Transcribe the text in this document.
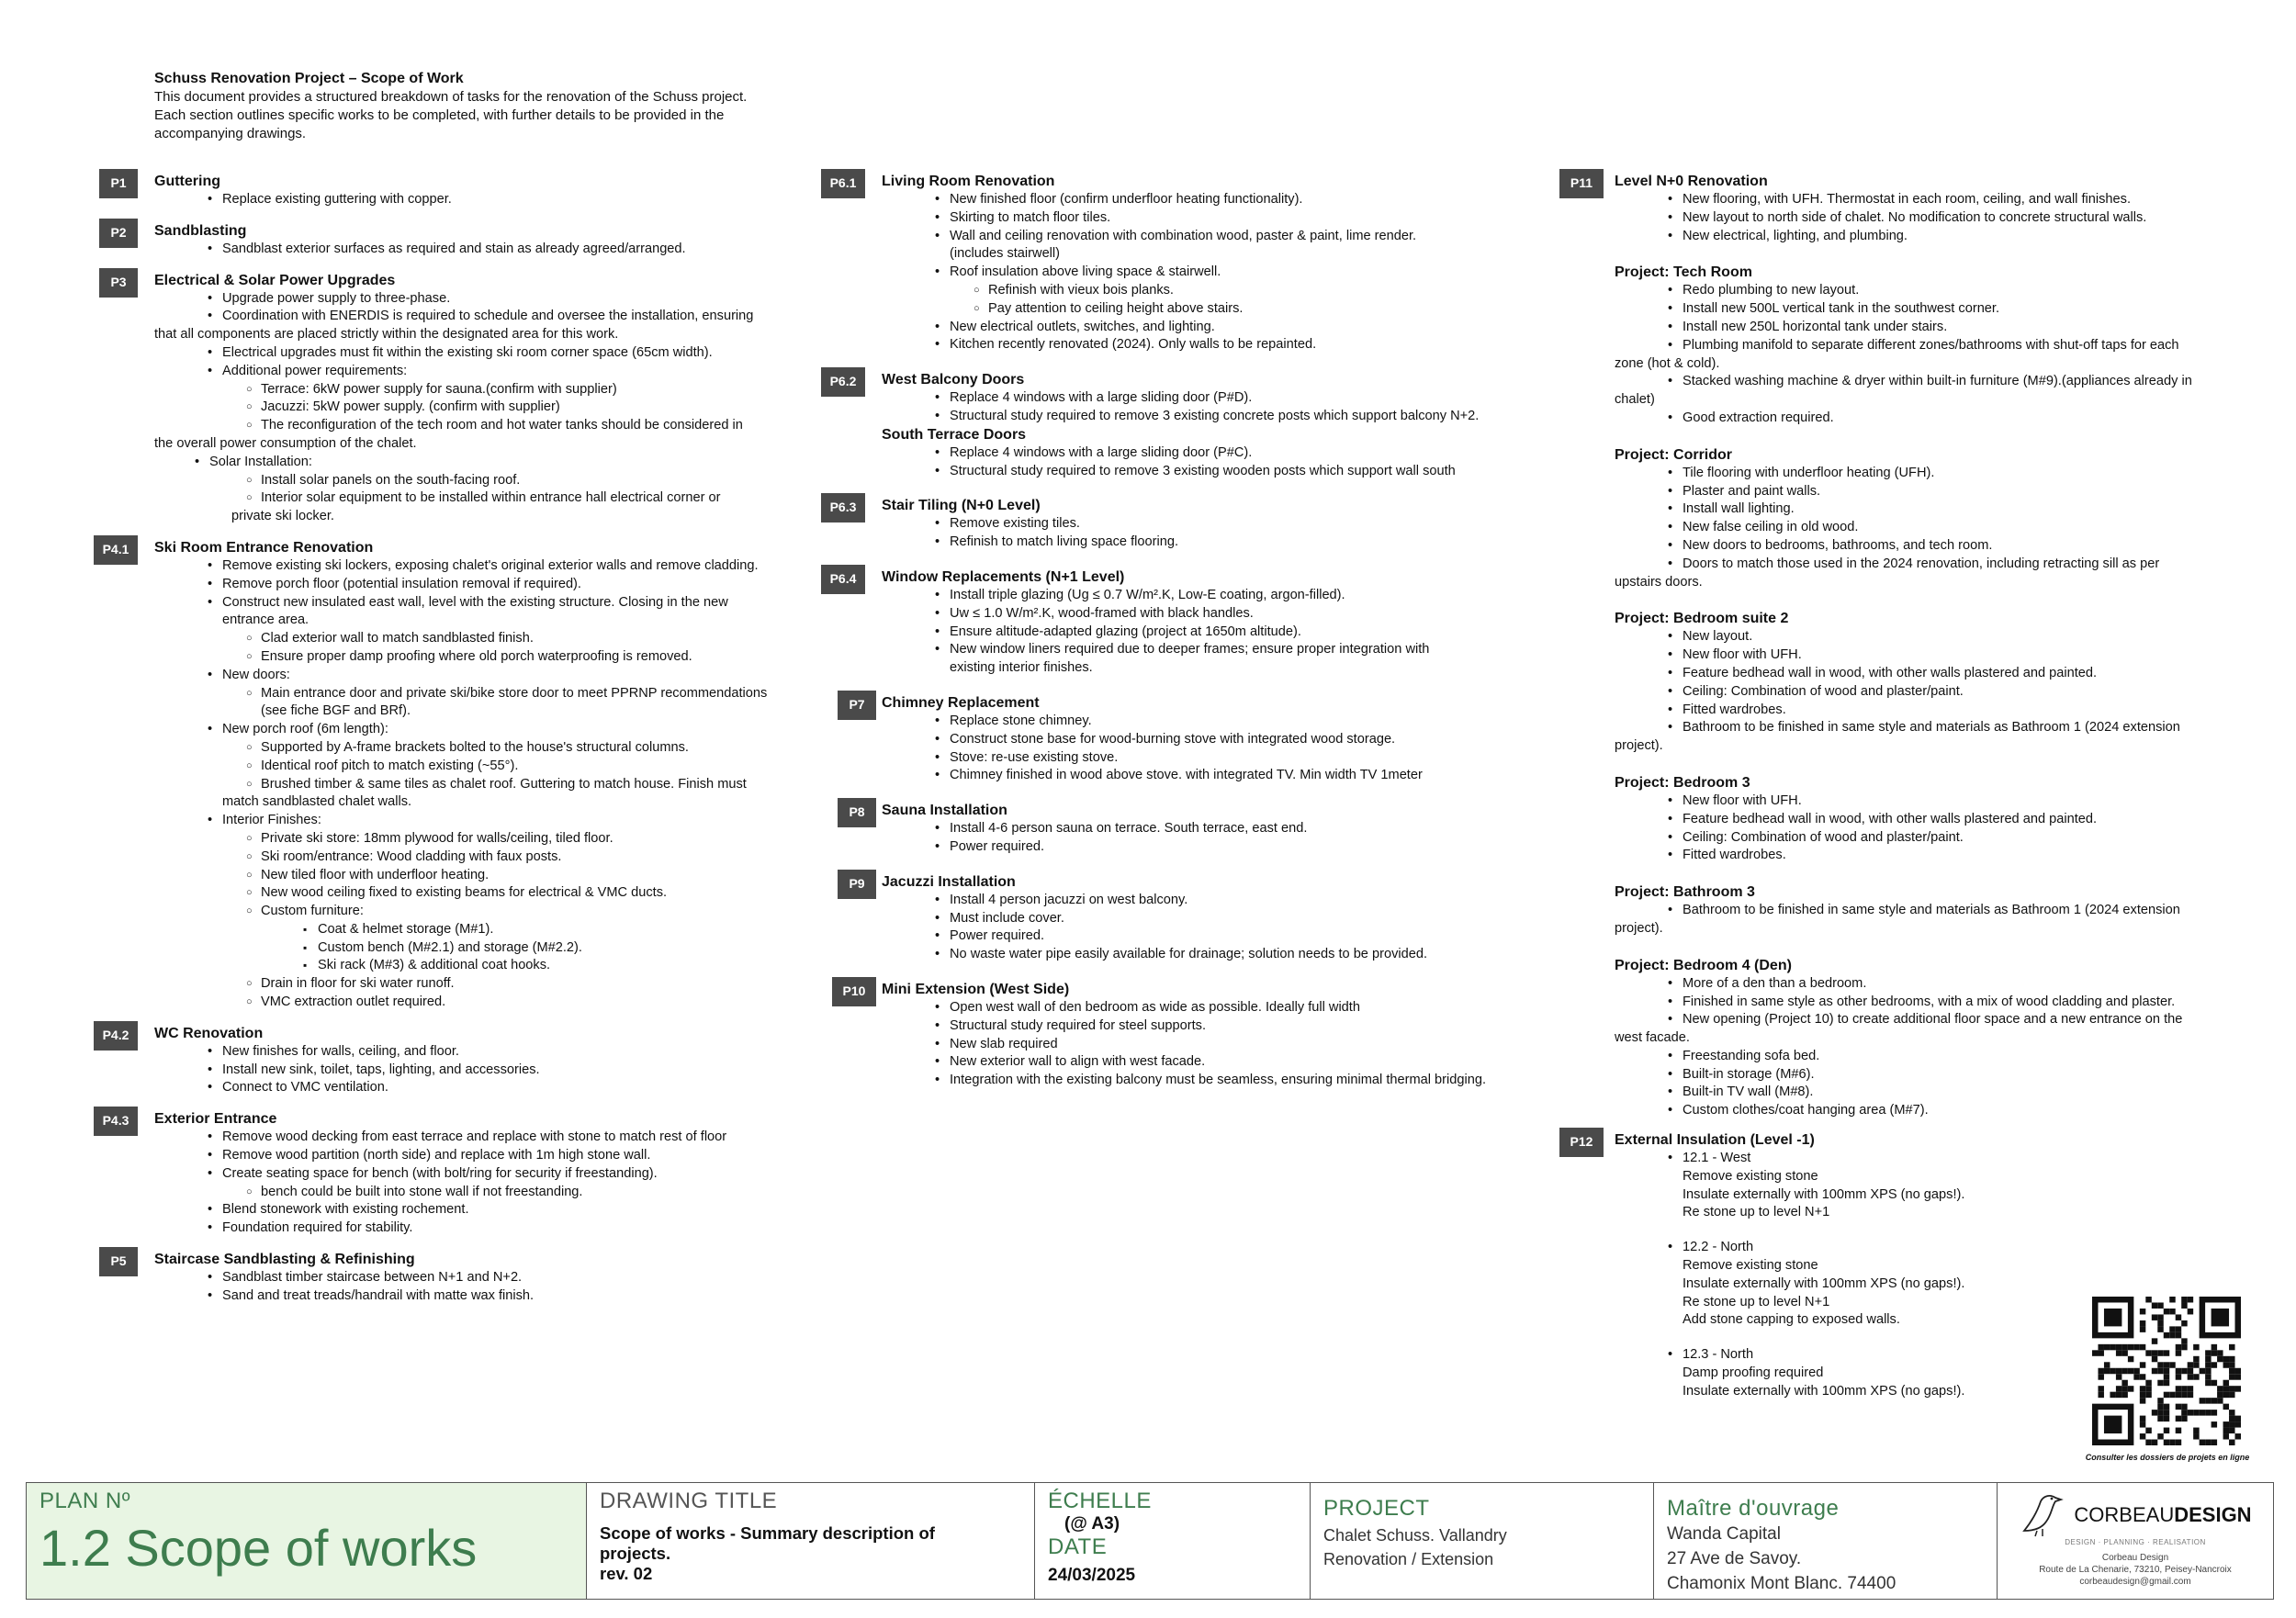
Schuss Renovation Project – Scope of Work
This document provides a structured breakdown of tasks for the renovation of the Schuss project.
Each section outlines specific works to be completed, with further details to be provided in the
accompanying drawings.
P1	Guttering
• Replace existing guttering with copper.
P2	Sandblasting
• Sandblast exterior surfaces as required and stain as already agreed/arranged.
P3	Electrical & Solar Power Upgrades
• Upgrade power supply to three-phase.
• Coordination with ENERDIS is required to schedule and oversee the installation, ensuring
that all components are placed strictly within the designated area for this work.
• Electrical upgrades must fit within the existing ski room corner space (65cm width).
• Additional power requirements:
○ Terrace: 6kW power supply for sauna.(confirm with supplier)
○ Jacuzzi: 5kW power supply. (confirm with supplier)
○ The reconfiguration of the tech room and hot water tanks should be considered in
the overall power consumption of the chalet.
• Solar Installation:
○ Install solar panels on the south-facing roof.
○ Interior solar equipment to be installed within entrance hall electrical corner or
private ski locker.
P4.1	Ski Room Entrance Renovation
• Remove existing ski lockers, exposing chalet's original exterior walls and remove cladding.
• Remove porch floor (potential insulation removal if required).
• Construct new insulated east wall, level with the existing structure. Closing in the new
entrance area.
○ Clad exterior wall to match sandblasted finish.
○ Ensure proper damp proofing where old porch waterproofing is removed.
• New doors:
○ Main entrance door and private ski/bike store door to meet PPRNP recommendations
(see fiche BGF and BRf).
• New porch roof (6m length):
○ Supported by A-frame brackets bolted to the house's structural columns.
○ Identical roof pitch to match existing (~55°).
○ Brushed timber & same tiles as chalet roof. Guttering to match house. Finish must
match sandblasted chalet walls.
• Interior Finishes:
○ Private ski store: 18mm plywood for walls/ceiling, tiled floor.
○ Ski room/entrance: Wood cladding with faux posts.
○ New tiled floor with underfloor heating.
○ New wood ceiling fixed to existing beams for electrical & VMC ducts.
○ Custom furniture:
▪ Coat & helmet storage (M#1).
▪ Custom bench (M#2.1) and storage (M#2.2).
▪ Ski rack (M#3) & additional coat hooks.
○ Drain in floor for ski water runoff.
○ VMC extraction outlet required.
P4.2	WC Renovation
• New finishes for walls, ceiling, and floor.
• Install new sink, toilet, taps, lighting, and accessories.
• Connect to VMC ventilation.
P4.3	Exterior Entrance
• Remove wood decking from east terrace and replace with stone to match rest of floor
• Remove wood partition (north side) and replace with 1m high stone wall.
• Create seating space for bench (with bolt/ring for security if freestanding).
○ bench could be built into stone wall if not freestanding.
• Blend stonework with existing rochement.
• Foundation required for stability.
P5	Staircase Sandblasting & Refinishing
• Sandblast timber staircase between N+1 and N+2.
• Sand and treat treads/handrail with matte wax finish.
P6.1	Living Room Renovation
• New finished floor (confirm underfloor heating functionality).
• Skirting to match floor tiles.
• Wall and ceiling renovation with combination wood, paster & paint, lime render.
(includes stairwell)
• Roof insulation above living space & stairwell.
○ Refinish with vieux bois planks.
○ Pay attention to ceiling height above stairs.
• New electrical outlets, switches, and lighting.
• Kitchen recently renovated (2024). Only walls to be repainted.
P6.2	West Balcony Doors
• Replace 4 windows with a large sliding door (P#D).
• Structural study required to remove 3 existing concrete posts which support balcony N+2.
South Terrace Doors
• Replace 4 windows with a large sliding door (P#C).
• Structural study required to remove 3 existing wooden posts which support wall south
P6.3	Stair Tiling (N+0 Level)
• Remove existing tiles.
• Refinish to match living space flooring.
P6.4	Window Replacements (N+1 Level)
• Install triple glazing (Ug ≤ 0.7 W/m².K, Low-E coating, argon-filled).
• Uw ≤ 1.0 W/m².K, wood-framed with black handles.
• Ensure altitude-adapted glazing (project at 1650m altitude).
• New window liners required due to deeper frames; ensure proper integration with
existing interior finishes.
P7	Chimney Replacement
• Replace stone chimney.
• Construct stone base for wood-burning stove with integrated wood storage.
• Stove: re-use existing stove.
• Chimney finished in wood above stove. with integrated TV. Min width TV 1meter
P8	Sauna Installation
• Install 4-6 person sauna on terrace. South terrace, east end.
• Power required.
P9	Jacuzzi Installation
• Install 4 person jacuzzi on west balcony.
• Must include cover.
• Power required.
• No waste water pipe easily available for drainage; solution needs to be provided.
P10	Mini Extension (West Side)
• Open west wall of den bedroom as wide as possible. Ideally full width
• Structural study required for steel supports.
• New slab required
• New exterior wall to align with west facade.
• Integration with the existing balcony must be seamless, ensuring minimal thermal bridging.
P11	Level N+0 Renovation
• New flooring, with UFH. Thermostat in each room, ceiling, and wall finishes.
• New layout to north side of chalet. No modification to concrete structural walls.
• New electrical, lighting, and plumbing.
Project: Tech Room
• Redo plumbing to new layout.
• Install new 500L vertical tank in the southwest corner.
• Install new 250L horizontal tank under stairs.
• Plumbing manifold to separate different zones/bathrooms with shut-off taps for each
zone (hot & cold).
• Stacked washing machine & dryer within built-in furniture (M#9).(appliances already in
chalet)
• Good extraction required.
Project: Corridor
• Tile flooring with underfloor heating (UFH).
• Plaster and paint walls.
• Install wall lighting.
• New false ceiling in old wood.
• New doors to bedrooms, bathrooms, and tech room.
• Doors to match those used in the 2024 renovation, including retracting sill as per
upstairs doors.
Project: Bedroom suite 2
• New layout.
• New floor with UFH.
• Feature bedhead wall in wood, with other walls plastered and painted.
• Ceiling: Combination of wood and plaster/paint.
• Fitted wardrobes.
• Bathroom to be finished in same style and materials as Bathroom 1 (2024 extension
project).
Project: Bedroom 3
• New floor with UFH.
• Feature bedhead wall in wood, with other walls plastered and painted.
• Ceiling: Combination of wood and plaster/paint.
• Fitted wardrobes.
Project: Bathroom 3
• Bathroom to be finished in same style and materials as Bathroom 1 (2024 extension
project).
Project: Bedroom 4 (Den)
• More of a den than a bedroom.
• Finished in same style as other bedrooms, with a mix of wood cladding and plaster.
• New opening (Project 10) to create additional floor space and a new entrance on the
west facade.
• Freestanding sofa bed.
• Built-in storage (M#6).
• Built-in TV wall (M#8).
• Custom clothes/coat hanging area (M#7).
P12	External Insulation (Level -1)
• 12.1 - West
Remove existing stone
Insulate externally with 100mm XPS (no gaps!).
Re stone up to level N+1
• 12.2 - North
Remove existing stone
Insulate externally with 100mm XPS (no gaps!).
Re stone up to level N+1
Add stone capping to exposed walls.
• 12.3 - North
Damp proofing required
Insulate externally with 100mm XPS (no gaps!).
Consulter les dossiers de projets en ligne
PLAN Nº
1.2 Scope of works
DRAWING TITLE
Scope of works - Summary description of
projects.
rev. 02
ÉCHELLE
(@ A3)
DATE
24/03/2025
PROJECT
Chalet Schuss. Vallandry
Renovation / Extension
Maître d'ouvrage
Wanda Capital
27 Ave de Savoy.
Chamonix Mont Blanc. 74400
CORBEAUDESIGN
DESIGN · PLANNING · REALISATION
Corbeau Design
Route de La Chenarie, 73210, Peisey-Nancroix
corbeaudesign@gmail.com
